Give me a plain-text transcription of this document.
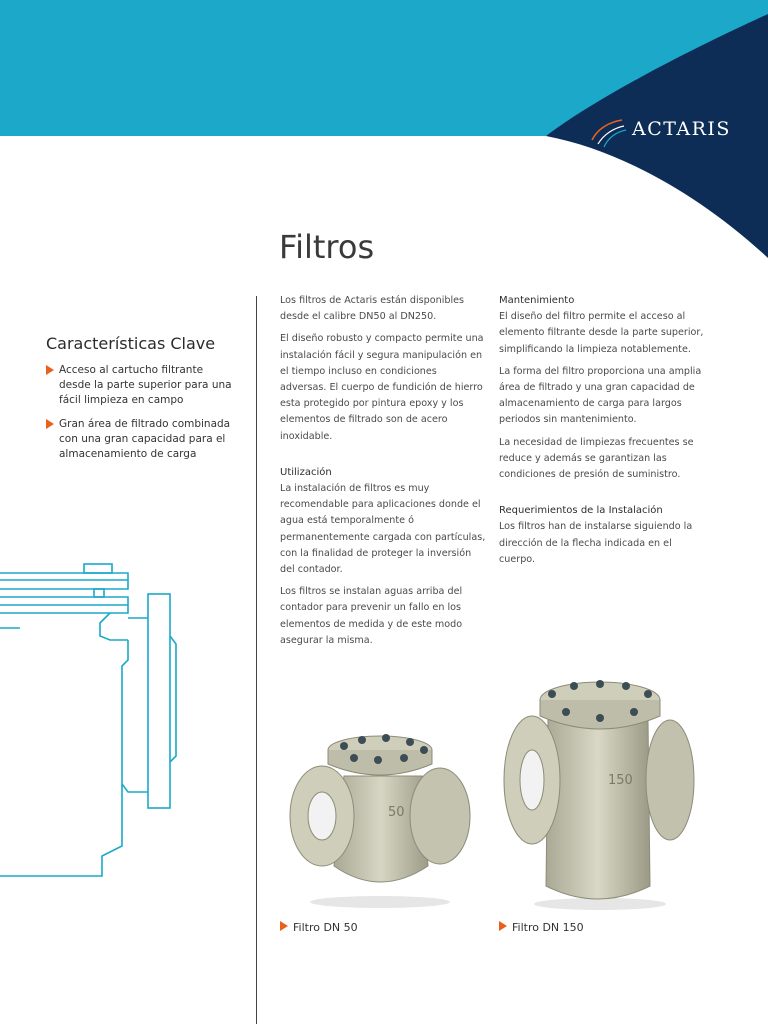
ACTARIS
Filtros
Características Clave
Acceso al cartucho filtrante desde la parte superior para una fácil limpieza en campo
Gran área de filtrado combinada con una gran capacidad para el almacenamiento de carga

Los filtros de Actaris están disponibles desde el calibre DN50 al DN250.

El diseño robusto y compacto permite una instalación fácil y segura manipulación en el tiempo incluso en condiciones adversas. El cuerpo de fundición de hierro esta protegido por pintura epoxy y los elementos de filtrado son de acero inoxidable.

Utilización

La instalación de filtros es muy recomendable para aplicaciones donde el agua está temporalmente ó permanentemente cargada con partículas, con la finalidad de proteger la inversión del contador.

Los filtros se instalan aguas arriba del contador para prevenir un fallo en los elementos de medida y de este modo asegurar la misma.

Mantenimiento

El diseño del filtro permite el acceso al elemento filtrante desde la parte superior, simplificando la limpieza notablemente.

La forma del filtro proporciona una amplia área de filtrado y una gran capacidad de almacenamiento de carga para largos periodos sin mantenimiento.

La necesidad de limpiezas frecuentes se reduce y además se garantizan las condiciones de presión de suministro.

Requerimientos de la Instalación

Los filtros han de instalarse siguiendo la dirección de la flecha indicada en el cuerpo.

50
Filtro DN 50
150
Filtro DN 150
